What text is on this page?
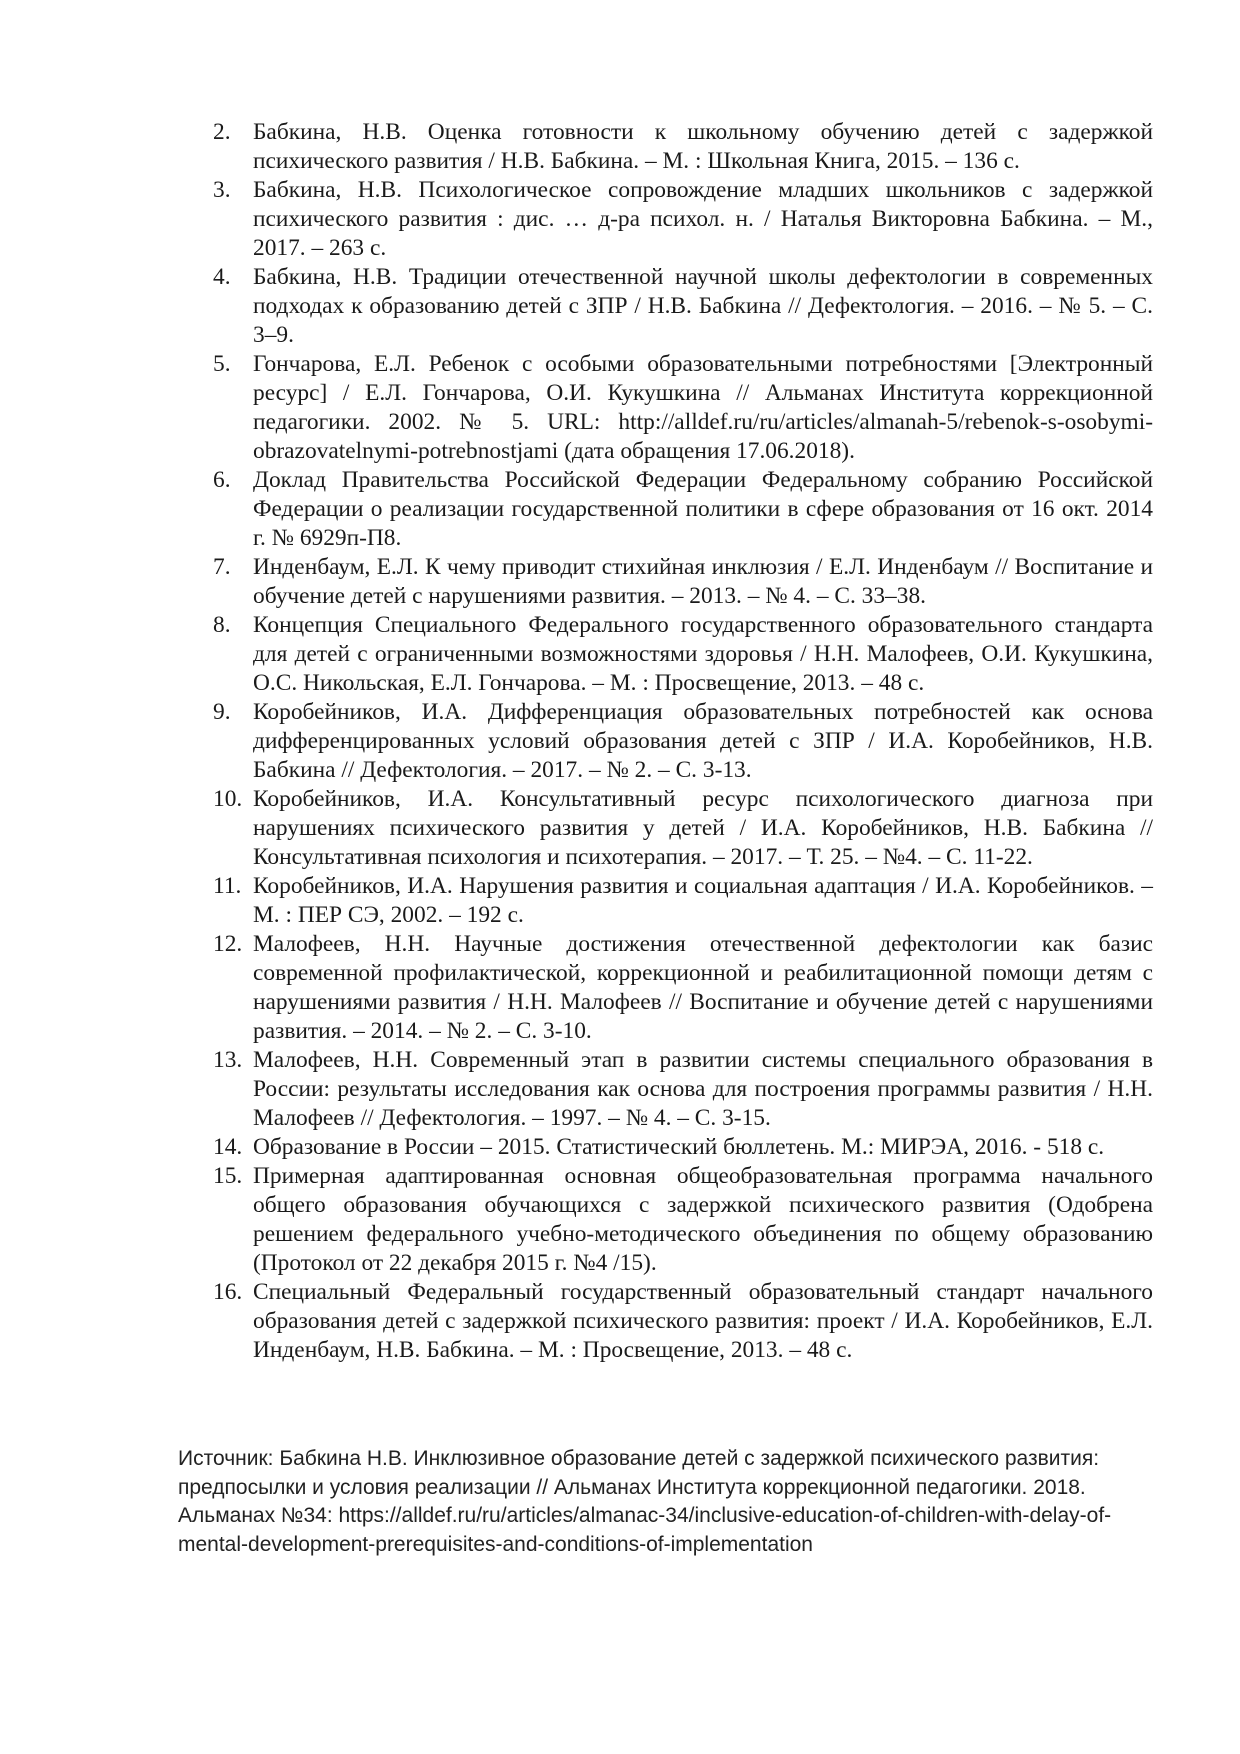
2. Бабкина, Н.В. Оценка готовности к школьному обучению детей с задержкой психического развития / Н.В. Бабкина. – М. : Школьная Книга, 2015. – 136 с.
3. Бабкина, Н.В. Психологическое сопровождение младших школьников с задержкой психического развития : дис. … д-ра психол. н. / Наталья Викторовна Бабкина. – М., 2017. – 263 с.
4. Бабкина, Н.В. Традиции отечественной научной школы дефектологии в современных подходах к образованию детей с ЗПР / Н.В. Бабкина // Дефектология. – 2016. – № 5. – С. 3–9.
5. Гончарова, Е.Л. Ребенок с особыми образовательными потребностями [Электронный ресурс] / Е.Л. Гончарова, О.И. Кукушкина // Альманах Института коррекционной педагогики. 2002. № 5. URL: http://alldef.ru/ru/articles/almanah-5/rebenok-s-osobymi-obrazovatelnymi-potrebnostjami (дата обращения 17.06.2018).
6. Доклад Правительства Российской Федерации Федеральному собранию Российской Федерации о реализации государственной политики в сфере образования от 16 окт. 2014 г. № 6929п-П8.
7. Инденбаум, Е.Л. К чему приводит стихийная инклюзия / Е.Л. Инденбаум // Воспитание и обучение детей с нарушениями развития. – 2013. – № 4. – С. 33–38.
8. Концепция Специального Федерального государственного образовательного стандарта для детей с ограниченными возможностями здоровья / Н.Н. Малофеев, О.И. Кукушкина, О.С. Никольская, Е.Л. Гончарова. – М. : Просвещение, 2013. – 48 с.
9. Коробейников, И.А. Дифференциация образовательных потребностей как основа дифференцированных условий образования детей с ЗПР / И.А. Коробейников, Н.В. Бабкина // Дефектология. – 2017. – № 2. – С. 3-13.
10. Коробейников, И.А. Консультативный ресурс психологического диагноза при нарушениях психического развития у детей / И.А. Коробейников, Н.В. Бабкина // Консультативная психология и психотерапия. – 2017. – Т. 25. – №4. – С. 11-22.
11. Коробейников, И.А. Нарушения развития и социальная адаптация / И.А. Коробейников. – М. : ПЕР СЭ, 2002. – 192 с.
12. Малофеев, Н.Н. Научные достижения отечественной дефектологии как базис современной профилактической, коррекционной и реабилитационной помощи детям с нарушениями развития / Н.Н. Малофеев // Воспитание и обучение детей с нарушениями развития. – 2014. – № 2. – С. 3-10.
13. Малофеев, Н.Н. Современный этап в развитии системы специального образования в России: результаты исследования как основа для построения программы развития / Н.Н. Малофеев // Дефектология. – 1997. – № 4. – С. 3-15.
14. Образование в России – 2015. Статистический бюллетень. М.: МИРЭА, 2016. - 518 с.
15. Примерная адаптированная основная общеобразовательная программа начального общего образования обучающихся с задержкой психического развития (Одобрена решением федерального учебно-методического объединения по общему образованию (Протокол от 22 декабря 2015 г. №4 /15).
16. Специальный Федеральный государственный образовательный стандарт начального образования детей с задержкой психического развития: проект / И.А. Коробейников, Е.Л. Инденбаум, Н.В. Бабкина. – М. : Просвещение, 2013. – 48 с.

Источник: Бабкина Н.В. Инклюзивное образование детей с задержкой психического развития: предпосылки и условия реализации // Альманах Института коррекционной педагогики. 2018. Альманах №34: https://alldef.ru/ru/articles/almanac-34/inclusive-education-of-children-with-delay-of-mental-development-prerequisites-and-conditions-of-implementation
